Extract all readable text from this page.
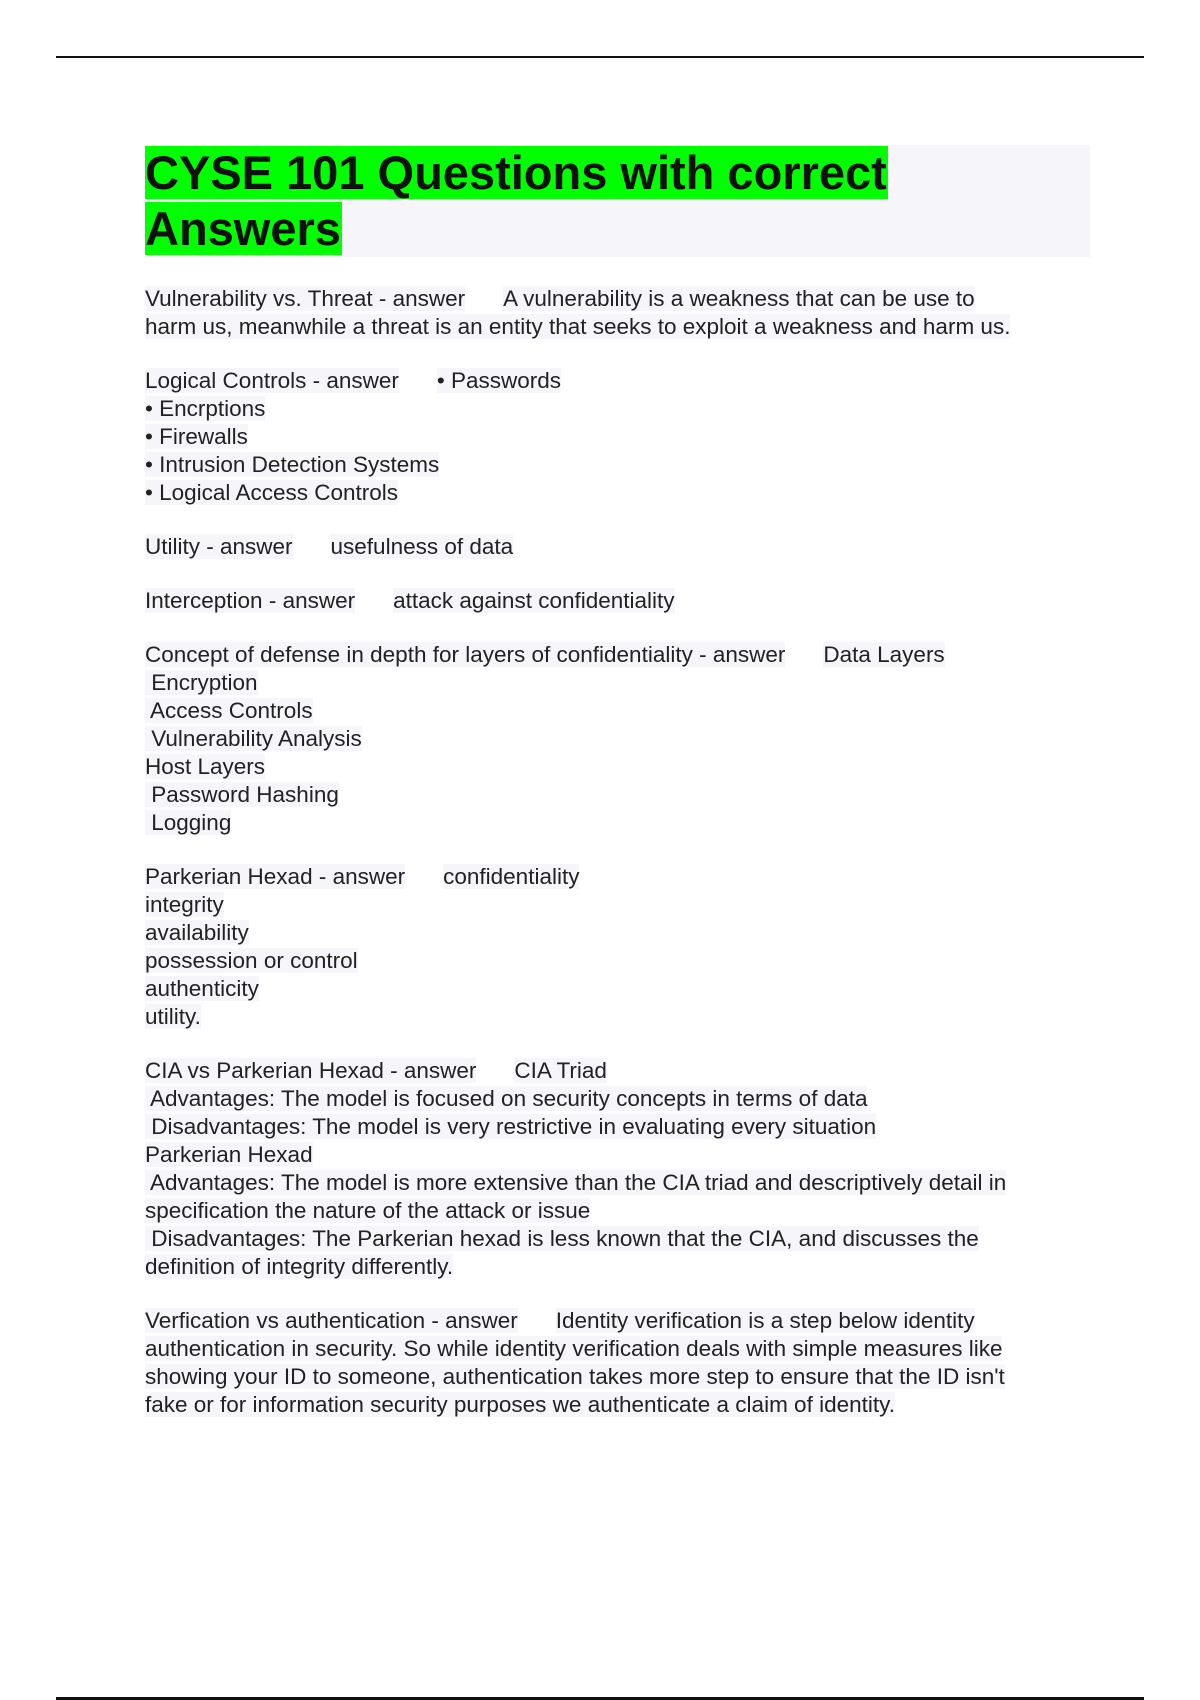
CYSE 101 Questions with correct
Answers
Vulnerability vs. Threat - answer A vulnerability is a weakness that can be use to
harm us, meanwhile a threat is an entity that seeks to exploit a weakness and harm us.
Logical Controls - answer • Passwords
• Encrptions
• Firewalls
• Intrusion Detection Systems
• Logical Access Controls
Utility - answer usefulness of data
Interception - answer attack against confidentiality
Concept of defense in depth for layers of confidentiality - answer Data Layers
Encryption
Access Controls
Vulnerability Analysis
Host Layers
Password Hashing
Logging
Parkerian Hexad - answer confidentiality
integrity
availability
possession or control
authenticity
utility.
CIA vs Parkerian Hexad - answer CIA Triad
Advantages: The model is focused on security concepts in terms of data
Disadvantages: The model is very restrictive in evaluating every situation
Parkerian Hexad
Advantages: The model is more extensive than the CIA triad and descriptively detail in
specification the nature of the attack or issue
Disadvantages: The Parkerian hexad is less known that the CIA, and discusses the
definition of integrity differently.
Verfication vs authentication - answer Identity verification is a step below identity
authentication in security. So while identity verification deals with simple measures like
showing your ID to someone, authentication takes more step to ensure that the ID isn't
fake or for information security purposes we authenticate a claim of identity.
